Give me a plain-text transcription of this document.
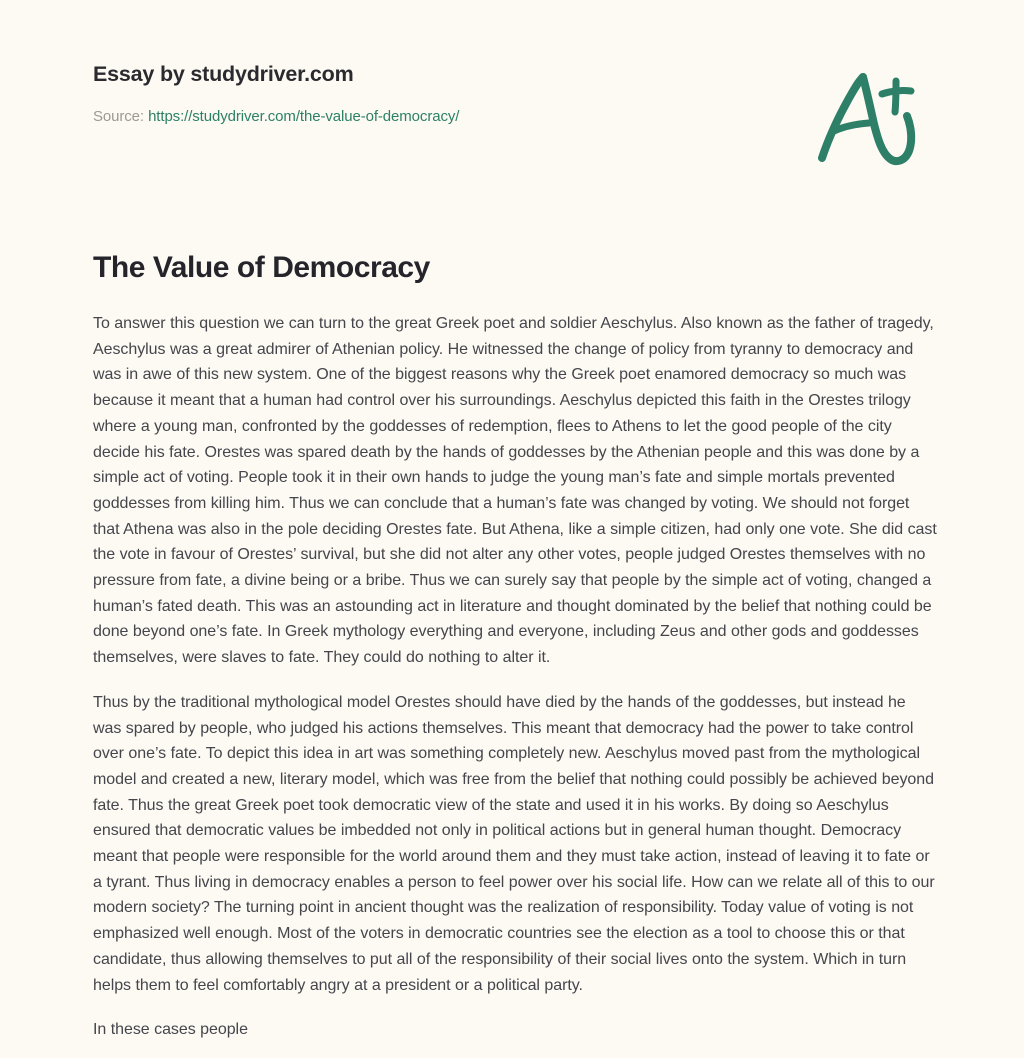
Essay by studydriver.com
Source: https://studydriver.com/the-value-of-democracy/
The Value of Democracy

To answer this question we can turn to the great Greek poet and soldier Aeschylus. Also known as the father of tragedy, Aeschylus was a great admirer of Athenian policy. He witnessed the change of policy from tyranny to democracy and was in awe of this new system. One of the biggest reasons why the Greek poet enamored democracy so much was because it meant that a human had control over his surroundings. Aeschylus depicted this faith in the Orestes trilogy where a young man, confronted by the goddesses of redemption, flees to Athens to let the good people of the city decide his fate. Orestes was spared death by the hands of goddesses by the Athenian people and this was done by a simple act of voting. People took it in their own hands to judge the young man’s fate and simple mortals prevented goddesses from killing him. Thus we can conclude that a human’s fate was changed by voting. We should not forget that Athena was also in the pole deciding Orestes fate. But Athena, like a simple citizen, had only one vote. She did cast the vote in favour of Orestes’ survival, but she did not alter any other votes, people judged Orestes themselves with no pressure from fate, a divine being or a bribe. Thus we can surely say that people by the simple act of voting, changed a human’s fated death. This was an astounding act in literature and thought dominated by the belief that nothing could be done beyond one’s fate. In Greek mythology everything and everyone, including Zeus and other gods and goddesses themselves, were slaves to fate. They could do nothing to alter it.

Thus by the traditional mythological model Orestes should have died by the hands of the goddesses, but instead he was spared by people, who judged his actions themselves. This meant that democracy had the power to take control over one’s fate. To depict this idea in art was something completely new. Aeschylus moved past from the mythological model and created a new, literary model, which was free from the belief that nothing could possibly be achieved beyond fate. Thus the great Greek poet took democratic view of the state and used it in his works. By doing so Aeschylus ensured that democratic values be imbedded not only in political actions but in general human thought. Democracy meant that people were responsible for the world around them and they must take action, instead of leaving it to fate or a tyrant. Thus living in democracy enables a person to feel power over his social life. How can we relate all of this to our modern society? The turning point in ancient thought was the realization of responsibility. Today value of voting is not emphasized well enough. Most of the voters in democratic countries see the election as a tool to choose this or that candidate, thus allowing themselves to put all of the responsibility of their social lives onto the system. Which in turn helps them to feel comfortably angry at a president or a political party.

In these cases people
